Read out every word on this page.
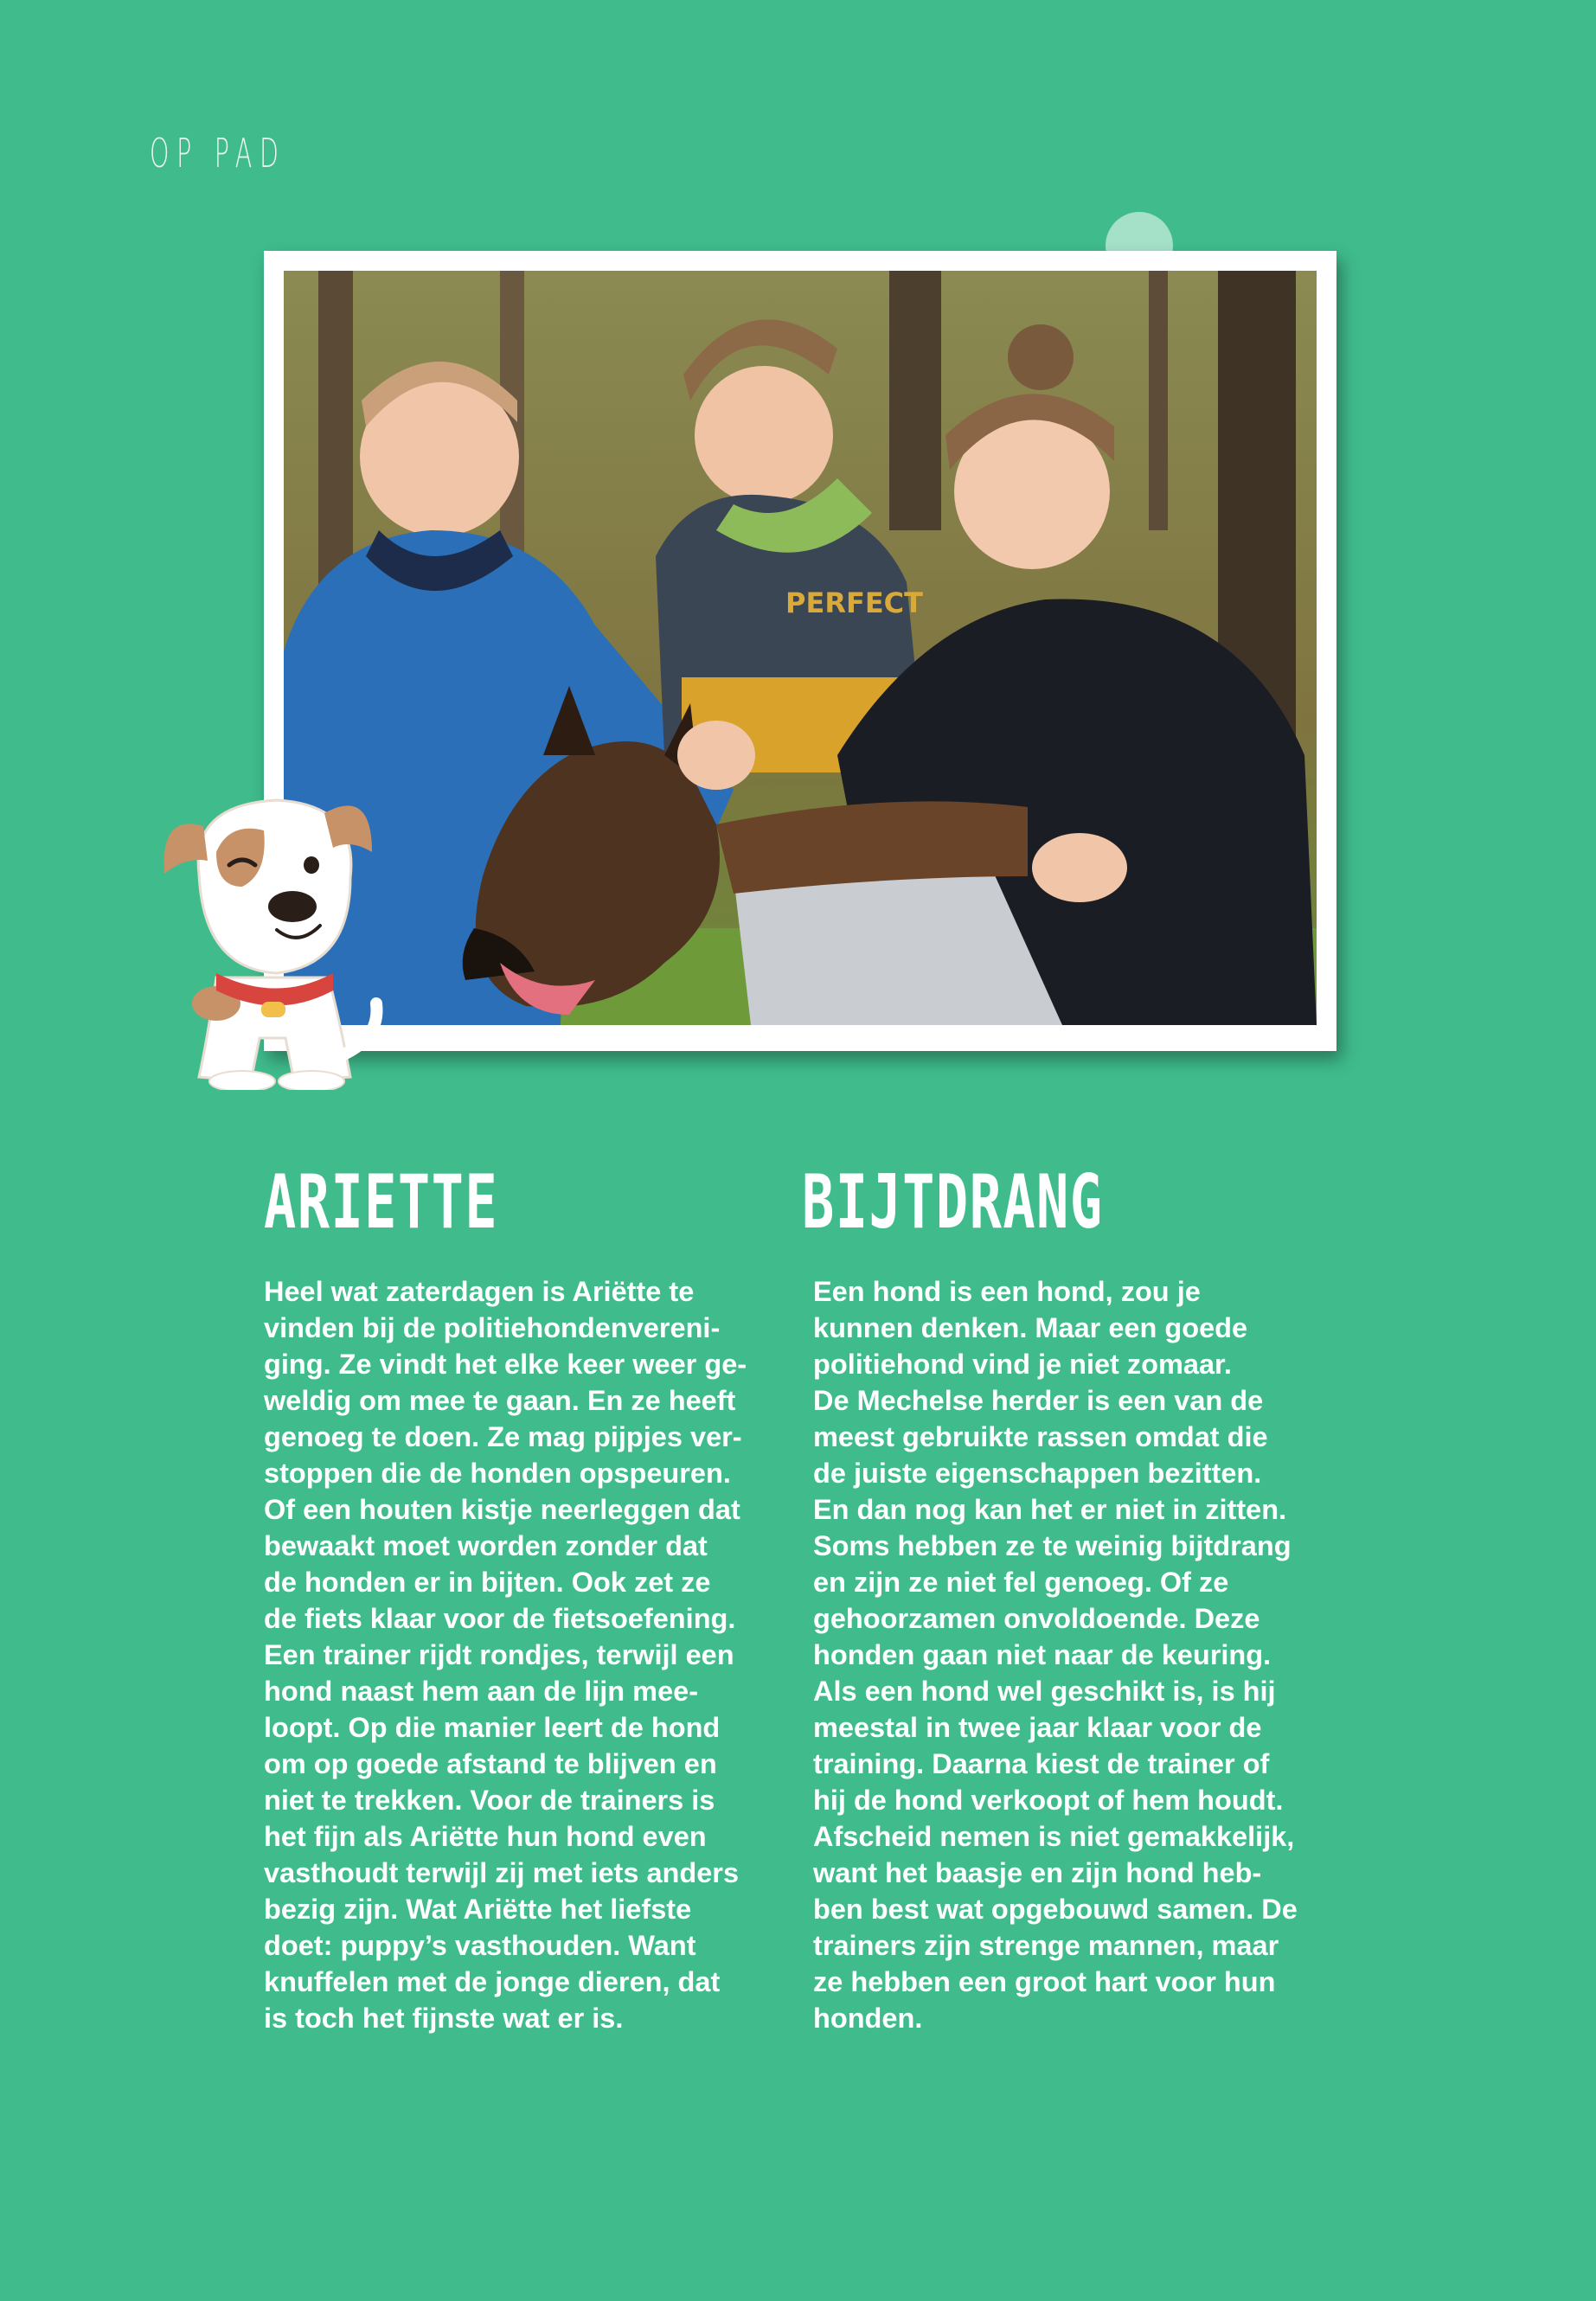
OP PAD
PERFECT
ARIETTE	BIJTDRANG
Heel wat zaterdagen is Ariëtte te
vinden bij de politiehondenvereni-
ging. Ze vindt het elke keer weer ge-
weldig om mee te gaan. En ze heeft
genoeg te doen. Ze mag pijpjes ver-
stoppen die de honden opspeuren.
Of een houten kistje neerleggen dat
bewaakt moet worden zonder dat
de honden er in bijten. Ook zet ze
de fiets klaar voor de fietsoefening.
Een trainer rijdt rondjes, terwijl een
hond naast hem aan de lijn mee-
loopt. Op die manier leert de hond
om op goede afstand te blijven en
niet te trekken. Voor de trainers is
het fijn als Ariëtte hun hond even
vasthoudt terwijl zij met iets anders
bezig zijn. Wat Ariëtte het liefste
doet: puppy’s vasthouden. Want
knuffelen met de jonge dieren, dat
is toch het fijnste wat er is.
Een hond is een hond, zou je
kunnen denken. Maar een goede
politiehond vind je niet zomaar.
De Mechelse herder is een van de
meest gebruikte rassen omdat die
de juiste eigenschappen bezitten.
En dan nog kan het er niet in zitten.
Soms hebben ze te weinig bijtdrang
en zijn ze niet fel genoeg. Of ze
gehoorzamen onvoldoende. Deze
honden gaan niet naar de keuring.
Als een hond wel geschikt is, is hij
meestal in twee jaar klaar voor de
training. Daarna kiest de trainer of
hij de hond verkoopt of hem houdt.
Afscheid nemen is niet gemakkelijk,
want het baasje en zijn hond heb-
ben best wat opgebouwd samen. De
trainers zijn strenge mannen, maar
ze hebben een groot hart voor hun
honden.
